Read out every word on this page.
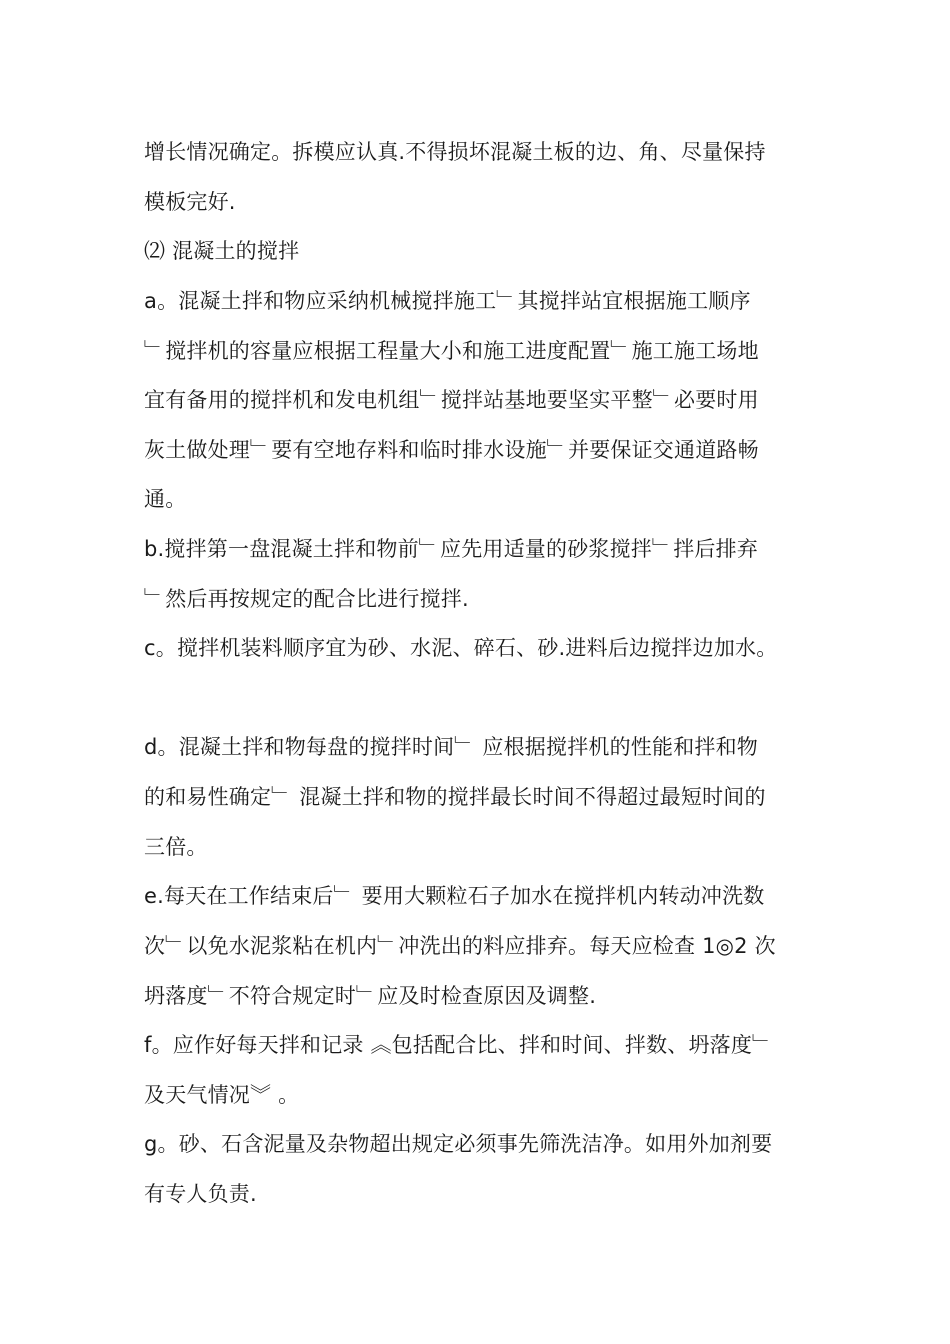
增长情况确定。拆模应认真.不得损坏混凝土板的边、角、尽量保持
模板完好.
⑵ 混凝土的搅拌
a。混凝土拌和物应采纳机械搅拌施工﹂其搅拌站宜根据施工顺序
﹂搅拌机的容量应根据工程量大小和施工进度配置﹂施工施工场地
宜有备用的搅拌机和发电机组﹂搅拌站基地要坚实平整﹂必要时用
灰土做处理﹂要有空地存料和临时排水设施﹂并要保证交通道路畅
通。
b.搅拌第一盘混凝土拌和物前﹂应先用适量的砂浆搅拌﹂拌后排弃
﹂然后再按规定的配合比进行搅拌.
c。搅拌机装料顺序宜为砂、水泥、碎石、砂.进料后边搅拌边加水。
d。混凝土拌和物每盘的搅拌时间﹂ 应根据搅拌机的性能和拌和物
的和易性确定﹂ 混凝土拌和物的搅拌最长时间不得超过最短时间的
三倍。
e.每天在工作结束后﹂ 要用大颗粒石子加水在搅拌机内转动冲洗数
次﹂以免水泥浆粘在机内﹂冲洗出的料应排弃。每天应检查 1◎2 次
坍落度﹂不符合规定时﹂应及时检查原因及调整.
f。应作好每天拌和记录 ︽包括配合比、拌和时间、拌数、坍落度﹂
及天气情况︾ 。
g。砂、石含泥量及杂物超出规定必须事先筛洗洁净。如用外加剂要
有专人负责.
